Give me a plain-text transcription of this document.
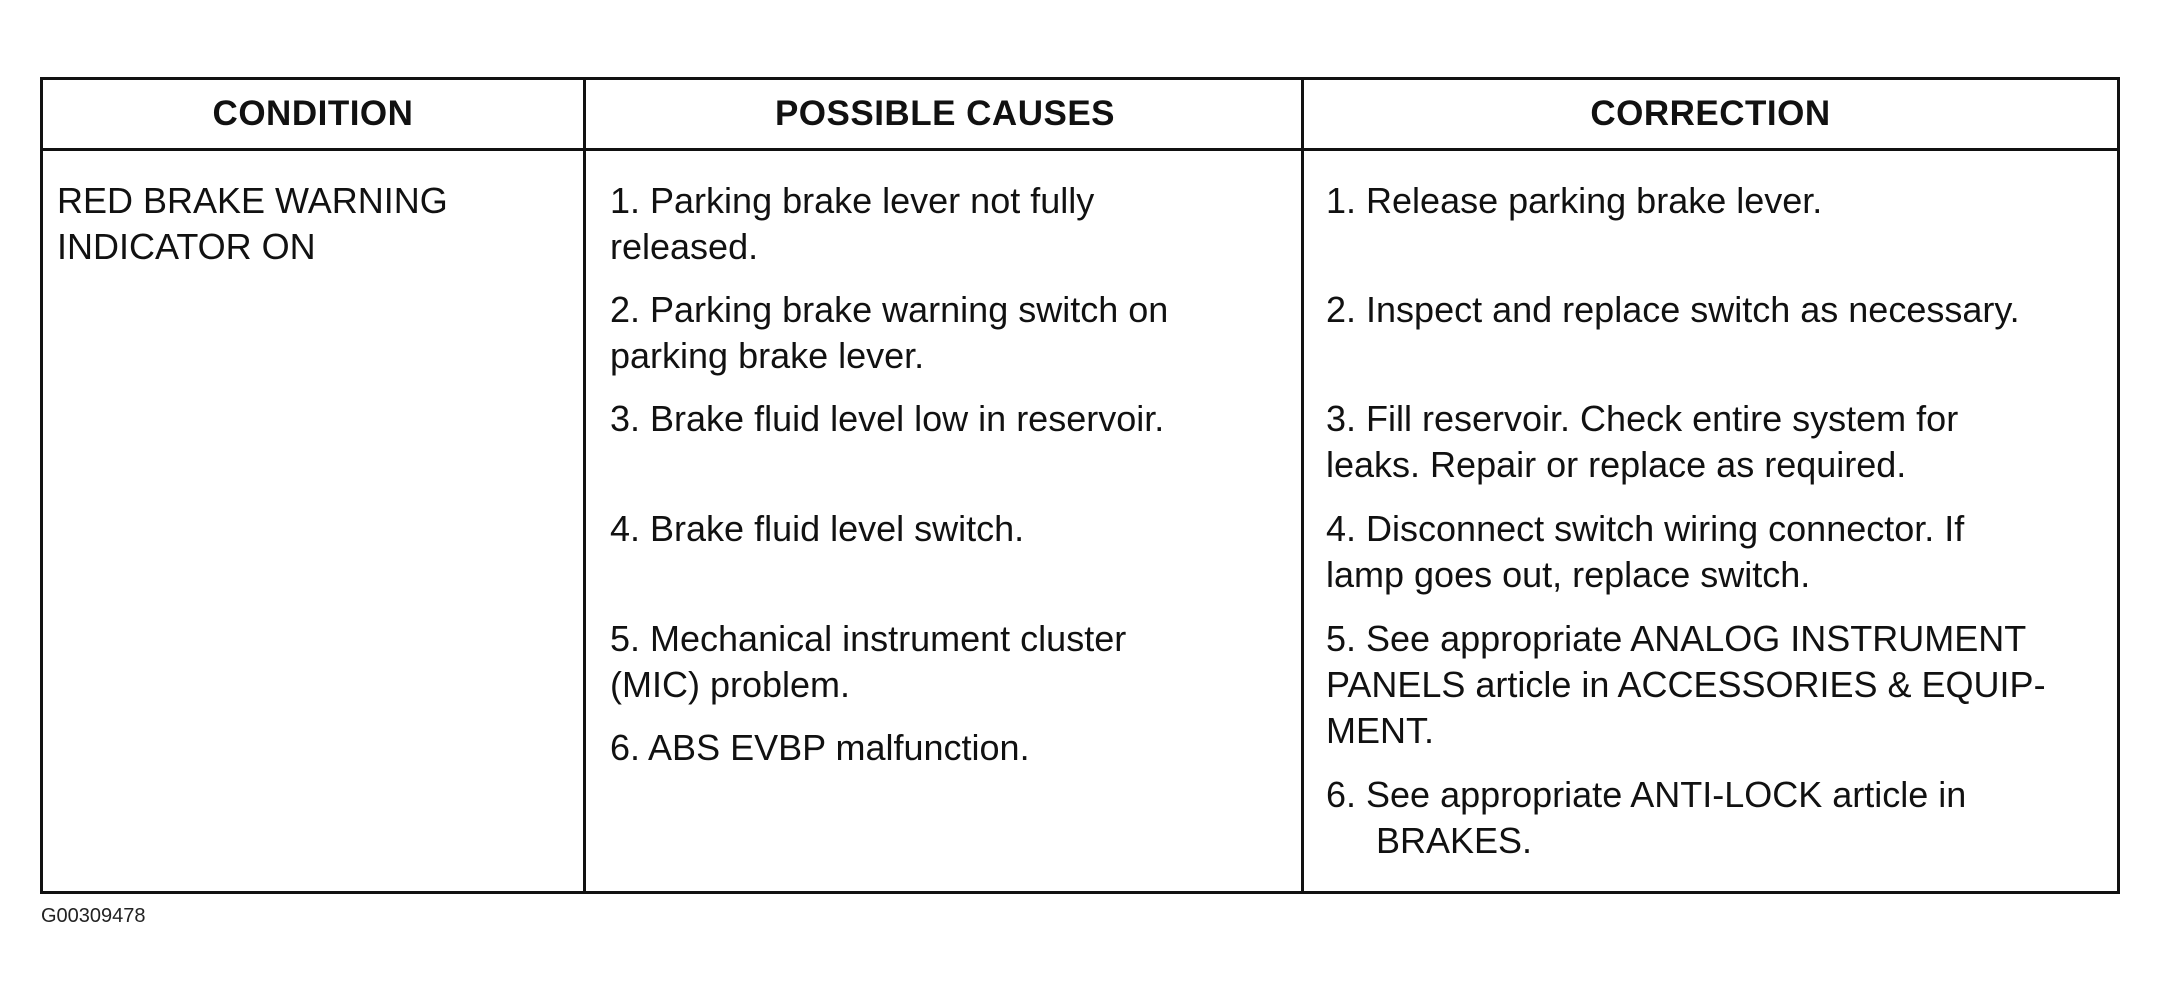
CONDITION
RED BRAKE WARNING
INDICATOR ON
POSSIBLE CAUSES
1. Parking brake lever not fully
released.
2. Parking brake warning switch on
parking brake lever.
3. Brake fluid level low in reservoir.
4. Brake fluid level switch.
5. Mechanical instrument cluster
(MIC) problem.
6. ABS EVBP malfunction.
CORRECTION
1. Release parking brake lever.
2. Inspect and replace switch as necessary.
3. Fill reservoir. Check entire system for
leaks. Repair or replace as required.
4. Disconnect switch wiring connector. If
lamp goes out, replace switch.
5. See appropriate ANALOG INSTRUMENT
PANELS article in ACCESSORIES & EQUIP-
MENT.
6. See appropriate ANTI-LOCK article in
BRAKES.
G00309478
